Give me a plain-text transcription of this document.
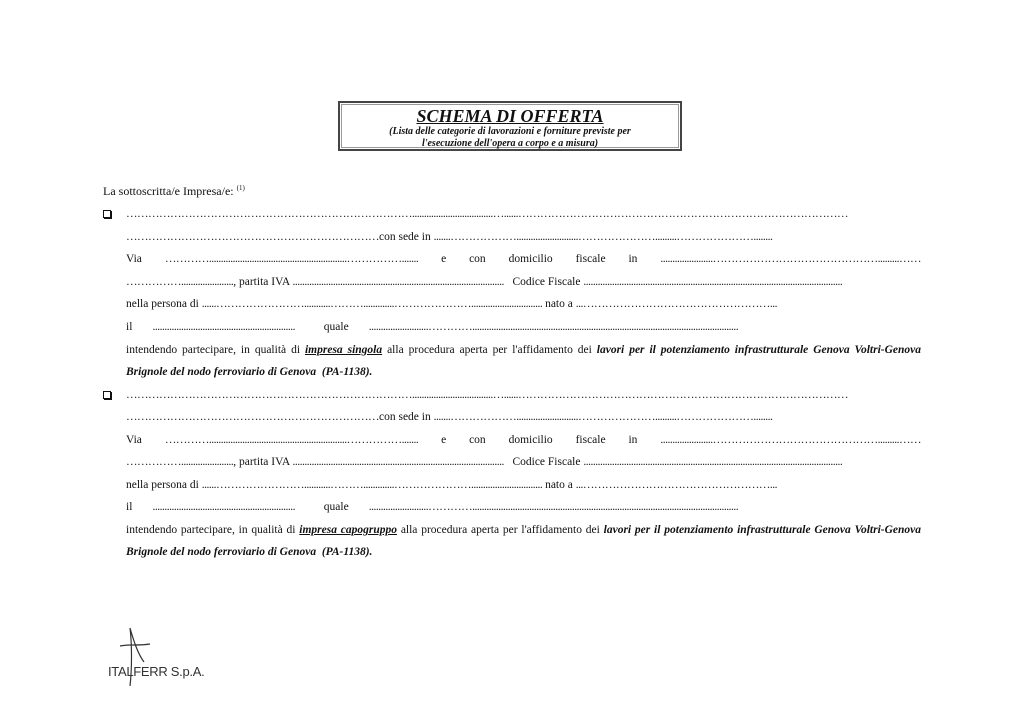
SCHEMA DI OFFERTA
(Lista delle categorie di lavorazioni e forniture previste per
l'esecuzione dell'opera a corpo e a misura)
La sottoscritta/e Impresa/e: $^{(1)}$
……………………………………………………………………..................................…......………………………………………………………………………………
……………………………………………………………con sede in .......………………..........................………………….........…………………........
Via …………..........................................................……………....... e con domicilio fiscale in ......................……………………………………….........……
……………......................, partita IVA ......................................................................................... Codice Fiscale .............................................................................................................
nella persona di ......……………………...........……….............………………….............................. nato a ...……………………………………………...
il ............................................................	quale .........................…………................................................................................................................
intendendo partecipare, in qualità di impresa singola alla procedura aperta per l'affidamento dei lavori per il potenziamento infrastrutturale Genova Voltri-Genova Brignole del nodo ferroviario di Genova (PA-1138).
……………………………………………………………………..................................…......………………………………………………………………………………
……………………………………………………………con sede in .......………………..........................………………….........…………………........
Via …………..........................................................……………....... e con domicilio fiscale in ......................……………………………………….........……
……………......................, partita IVA ......................................................................................... Codice Fiscale .............................................................................................................
nella persona di ......……………………...........……….............………………….............................. nato a ...……………………………………………...
il ............................................................	quale .........................…………................................................................................................................
intendendo partecipare, in qualità di impresa capogruppo alla procedura aperta per l'affidamento dei lavori per il potenziamento infrastrutturale Genova Voltri-Genova Brignole del nodo ferroviario di Genova (PA-1138).
ITALFERR S.p.A.
